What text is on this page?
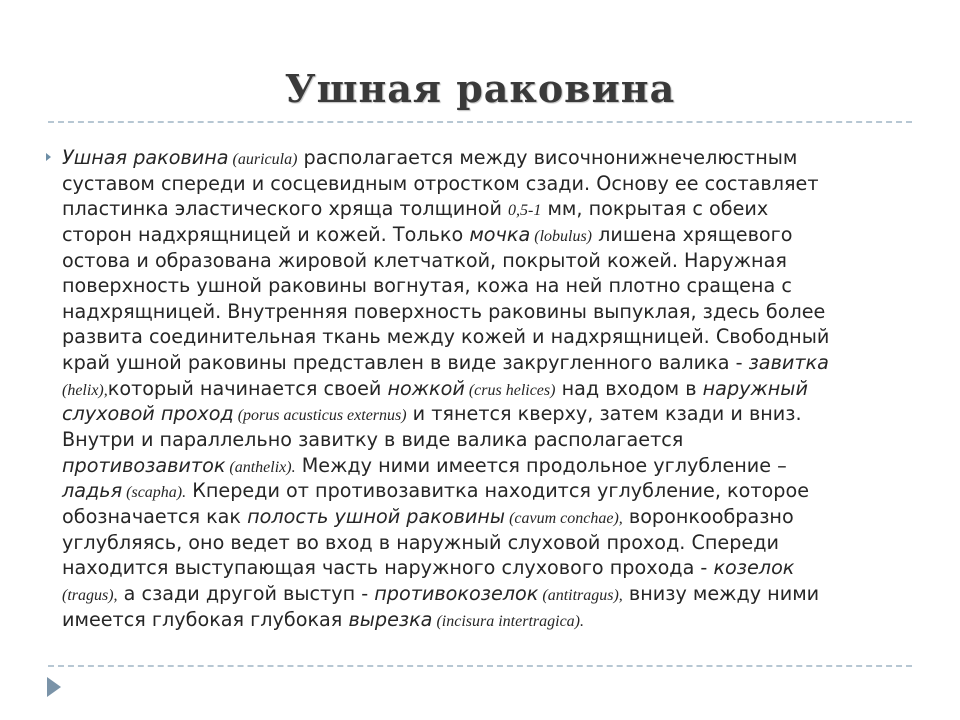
Ушная раковина
Ушная раковина (auricula) располагается между височнонижнечелюстным
суставом спереди и сосцевидным отростком сзади. Основу ее составляет
пластинка эластического хряща толщиной 0,5-1 мм, покрытая с обеих
сторон надхрящницей и кожей. Только мочка (lobulus) лишена хрящевого
остова и образована жировой клетчаткой, покрытой кожей. Наружная
поверхность ушной раковины вогнутая, кожа на ней плотно сращена с
надхрящницей. Внутренняя поверхность раковины выпуклая, здесь более
развита соединительная ткань между кожей и надхрящницей. Свободный
край ушной раковины представлен в виде закругленного валика - завитка
(helix),который начинается своей ножкой (crus helices) над входом в наружный
слуховой проход (porus acusticus externus) и тянется кверху, затем кзади и вниз.
Внутри и параллельно завитку в виде валика располагается
противозавиток (anthelix). Между ними имеется продольное углубление –
ладья (scapha). Кпереди от противозавитка находится углубление, которое
обозначается как полость ушной раковины (cavum conchae), воронкообразно
углубляясь, оно ведет во вход в наружный слуховой проход. Спереди
находится выступающая часть наружного слухового прохода - козелок
(tragus), а сзади другой выступ - противокозелок (antitragus), внизу между ними
имеется глубокая глубокая вырезка (incisura intertragica).
